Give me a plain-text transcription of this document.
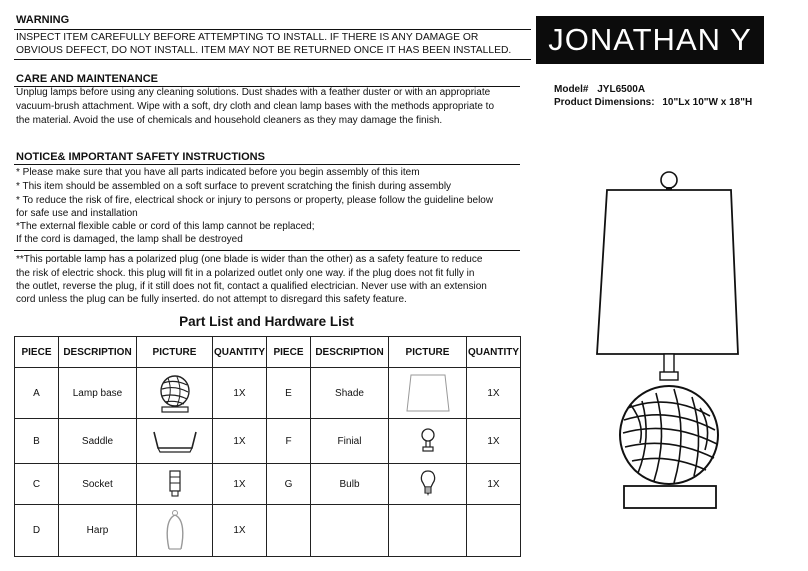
WARNING
INSPECT ITEM CAREFULLY BEFORE ATTEMPTING TO INSTALL. IF THERE IS ANY DAMAGE OR
OBVIOUS DEFECT, DO NOT INSTALL. ITEM MAY NOT BE RETURNED ONCE IT HAS BEEN INSTALLED.	JONATHAN Y
Model# JYL6500A
Product Dimensions: 10"Lx 10"W x 18"H
CARE AND MAINTENANCE
Unplug lamps before using any cleaning solutions. Dust shades with a feather duster or with an appropriate
vacuum-brush attachment. Wipe with a soft, dry cloth and clean lamp bases with the methods appropriate to
the material. Avoid the use of chemicals and household cleaners as they may damage the finish.
NOTICE& IMPORTANT SAFETY INSTRUCTIONS
* Please make sure that you have all parts indicated before you begin assembly of this item
* This item should be assembled on a soft surface to prevent scratching the finish during assembly
* To reduce the risk of fire, electrical shock or injury to persons or property, please follow the guideline below
for safe use and installation
*The external flexible cable or cord of this lamp cannot be replaced;
If the cord is damaged, the lamp shall be destroyed
**This portable lamp has a polarized plug (one blade is wider than the other) as a safety feature to reduce
the risk of electric shock. this plug will fit in a polarized outlet only one way. if the plug does not fit fully in
the outlet, reverse the plug, if it still does not fit, contact a qualified electrician. Never use with an extension
cord unless the plug can be fully inserted. do not attempt to disregard this safety feature.
Part List and Hardware List
PIECE	DESCRIPTION	PICTURE	QUANTITY	PIECE	DESCRIPTION	PICTURE	QUANTITY
A	Lamp base		1X	E	Shade		1X
B	Saddle		1X	F	Finial		1X
C	Socket		1X	G	Bulb		1X
D	Harp		1X				
